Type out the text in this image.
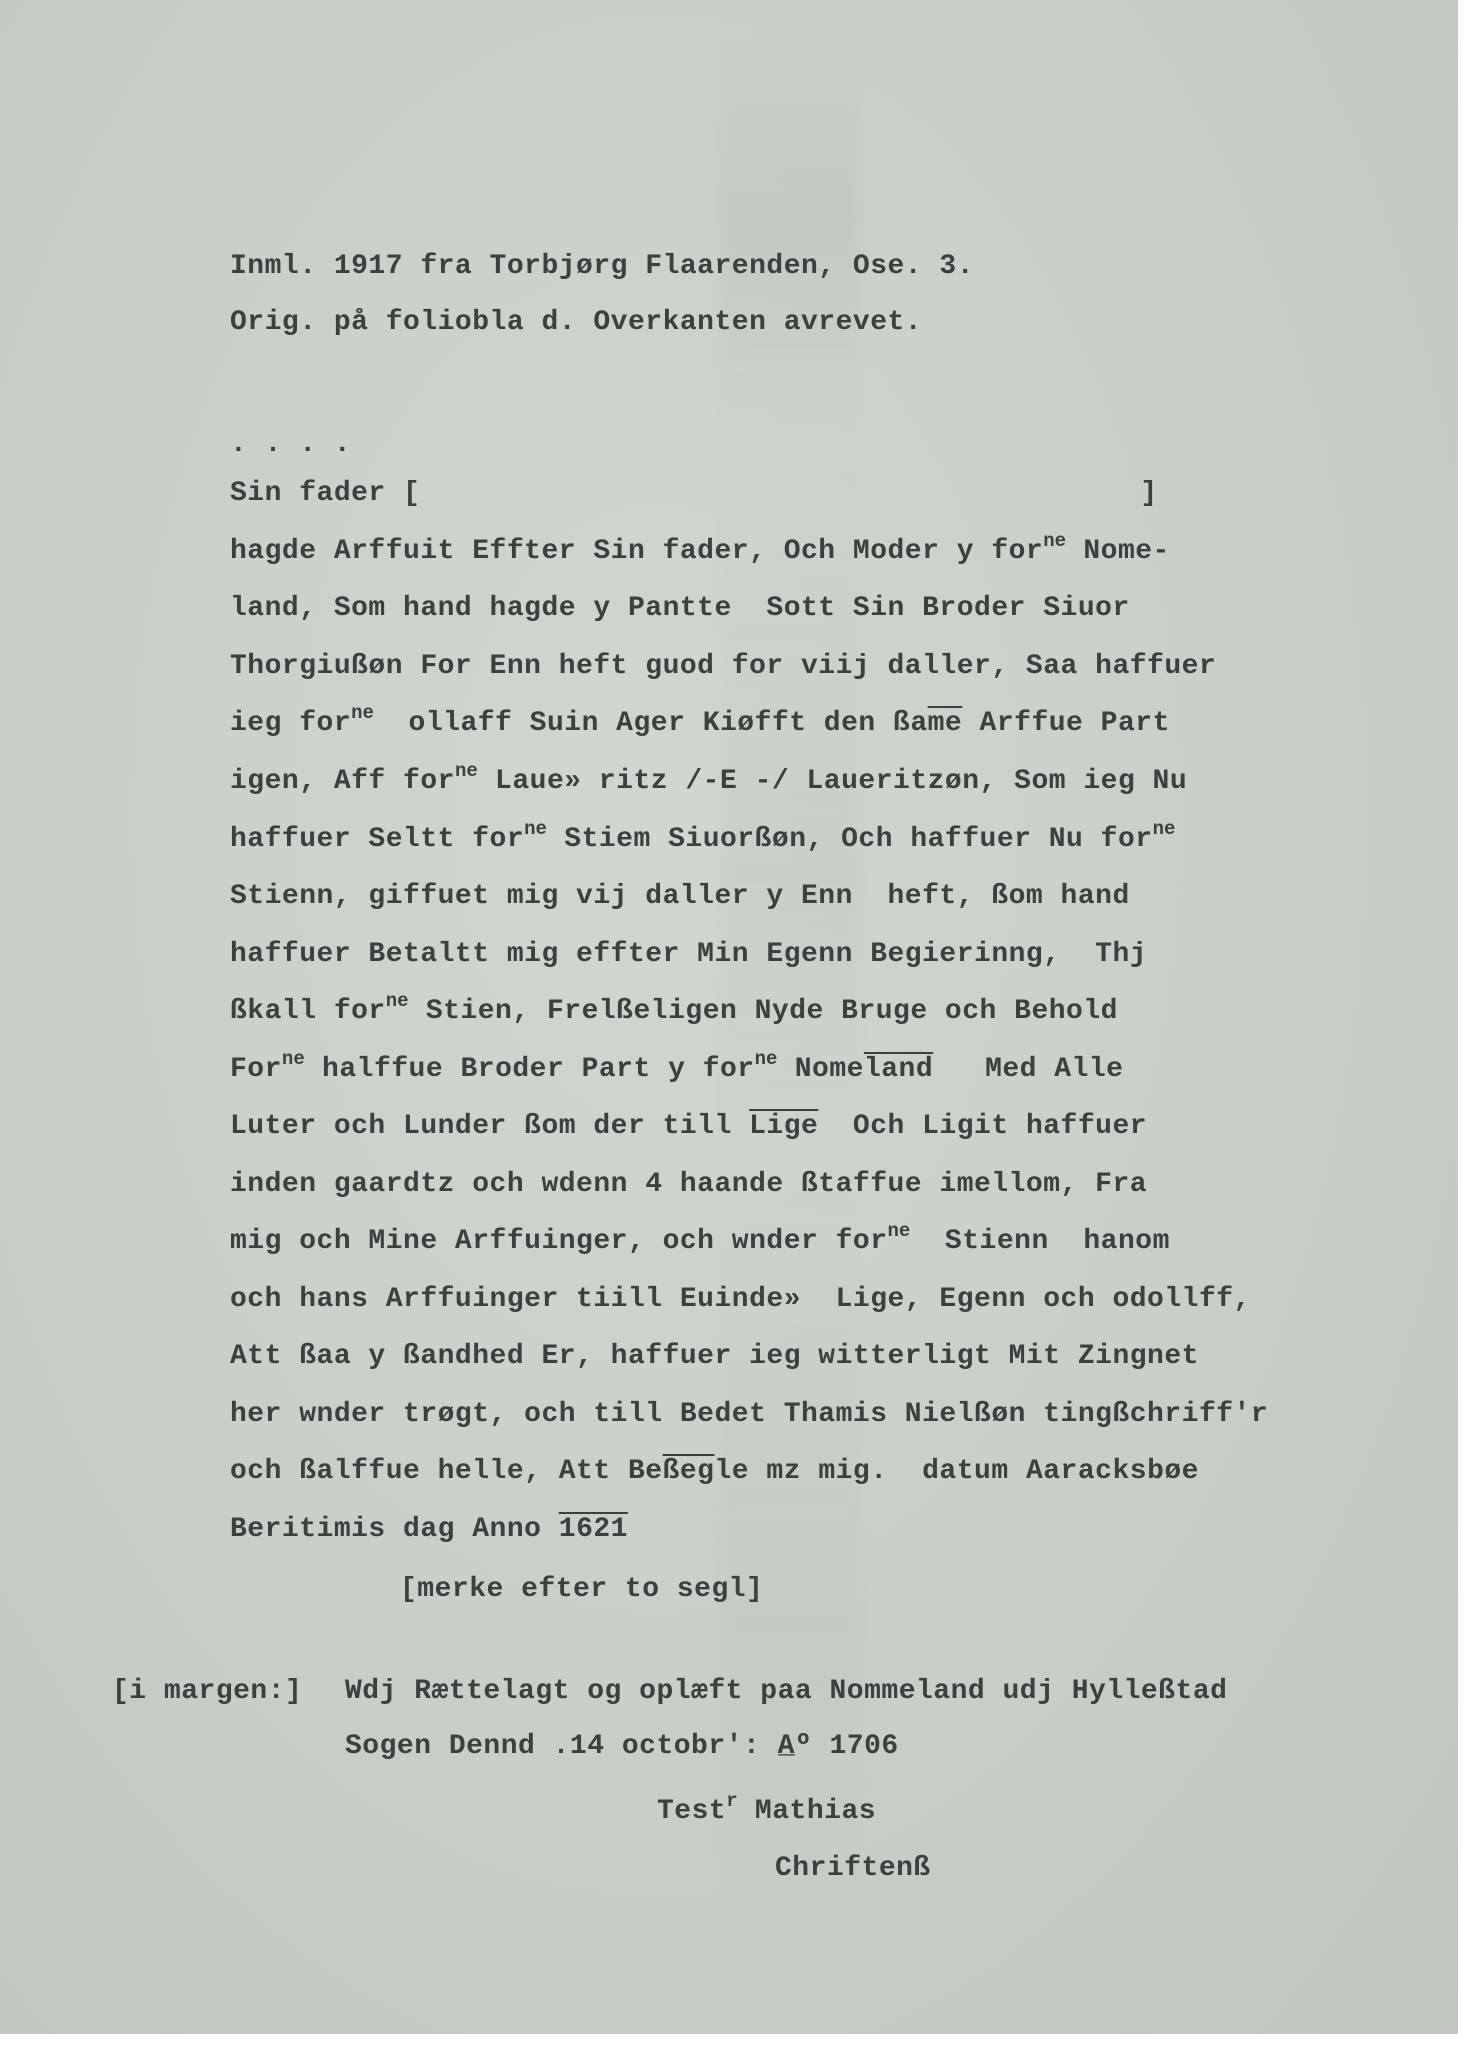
Inml. 1917 fra Torbjørg Flaarenden, Ose. 3.
Orig. på foliobla d. Overkanten avrevet.
. . . .
Sin fader [	]
hagde Arffuit Effter Sin fader, Och Moder y for$^{ne}$ Nome-
land, Som hand hagde y Pantte  Sott Sin Broder Siuor
Thorgiußøn For Enn heft guod for viij daller, Saa haffuer
ieg for$^{ne}$  ollaff Suin Ager Kiøfft den $ßa\overline{me}$ Arffue Part
igen, Aff for$^{ne}$ Laue» ritz /-E -/ Laueritzøn, Som ieg Nu
haffuer Seltt for$^{ne}$ Stiem Siuorßøn, Och haffuer Nu for$^{ne}$
Stienn, giffuet mig vij daller y Enn  heft, ßom hand
haffuer Betaltt mig effter Min Egenn Begierinng,  Thj
ßkall for$^{ne}$ Stien, Frelßeligen Nyde Bruge och Behold
For$^{ne}$ halffue Broder Part y for$^{ne}$ Nomeland   Med Alle
Luter och Lunder ßom der till Lige  Och Ligit haffuer
inden gaardtz och wdenn 4 haande ßtaffue imellom, Fra
mig och Mine Arffuinger, och wnder for$^{ne}$  Stienn  hanom
och hans Arffuinger tiill Euinde»  Lige, Egenn och odollff,
Att ßaa y ßandhed Er, haffuer ieg witterligt Mit Zingnet
her wnder trøgt, och till Bedet Thamis Nielßøn tingßchriff'r
och ßalffue helle, Att $Be\overline{ßeg}le$ mz mig.  datum Aaracksbøe
Beritimis dag Anno 1621
[merke efter to segl]
[i margen:] Wdj Rættelagt og oplæft paa Nommeland udj Hylleßtad
Sogen Dennd .14 octobr': A̲º 1706
Test$^r$ Mathias
Chriftenß
